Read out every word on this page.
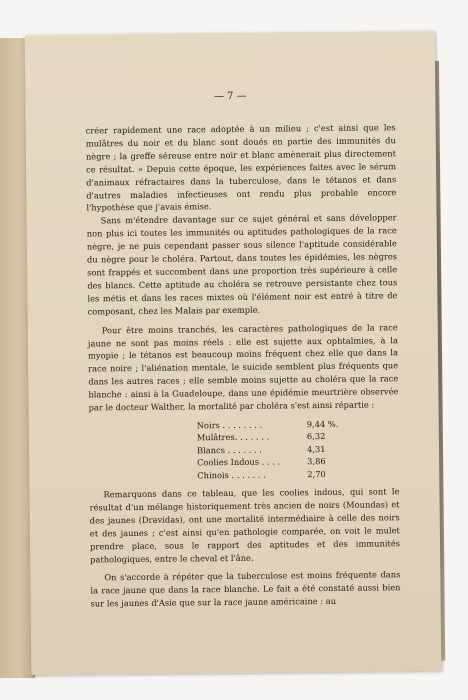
— 7 —

créer rapidement une race adoptée à un milieu ; c'est ainsi que les mulâtres du noir et du blanc sont doués en partie des immunités du nègre ; la greffe séreuse entre noir et blanc amènerait plus directement ce résultat. » Depuis cette époque, les expériences faites avec le sérum d'animaux réfractaires dans la tuberculose, dans le tétanos et dans d'autres maladies infectieuses ont rendu plus probable encore l'hypothèse que j'avais émise.

Sans m'étendre davantage sur ce sujet général et sans développer non plus ici toutes les immunités ou aptitudes pathologiques de la race nègre, je ne puis cependant passer sous silence l'aptitude considérable du nègre pour le choléra. Partout, dans toutes les épidémies, les nègres sont frappés et succombent dans une proportion très supérieure à celle des blancs. Cette aptitude au choléra se retrouve persistante chez tous les métis et dans les races mixtes où l'élément noir est entré à titre de composant, chez les Malais par exemple.

Pour être moins tranchés, les caractères pathologiques de la race jaune ne sont pas moins réels : elle est sujette aux ophtalmies, à la myopie ; le tétanos est beaucoup moins fréquent chez elle que dans la race noire ; l'aliénation mentale, le suicide semblent plus fréquents que dans les autres races ; elle semble moins sujette au choléra que la race blanche : ainsi à la Guadeloupe, dans une épidémie meurtrière observée par le docteur Walther, la mortalité par choléra s'est ainsi répartie :

Noirs . . . . . . . .	9,44 %.
Mulâtres. . . . . . .	6,32
Blancs . . . . . . .	4,31
Coolies Indous . . . .	3,86
Chinois . . . . . . .	2,70

Remarquons dans ce tableau, que les coolies indous, qui sont le résultat d'un mélange historiquement très ancien de noirs (Moundas) et des jaunes (Dravidas), ont une mortalité intermédiaire à celle des noirs et des jaunes ; c'est ainsi qu'en pathologie comparée, on voit le mulet prendre place, sous le rapport des aptitudes et des immunités pathologiques, entre le cheval et l'âne.

On s'accorde à répéter que la tuberculose est moins fréquente dans la race jaune que dans la race blanche. Le fait a été constaté aussi bien sur les jaunes d'Asie que sur la race jaune américaine : au
